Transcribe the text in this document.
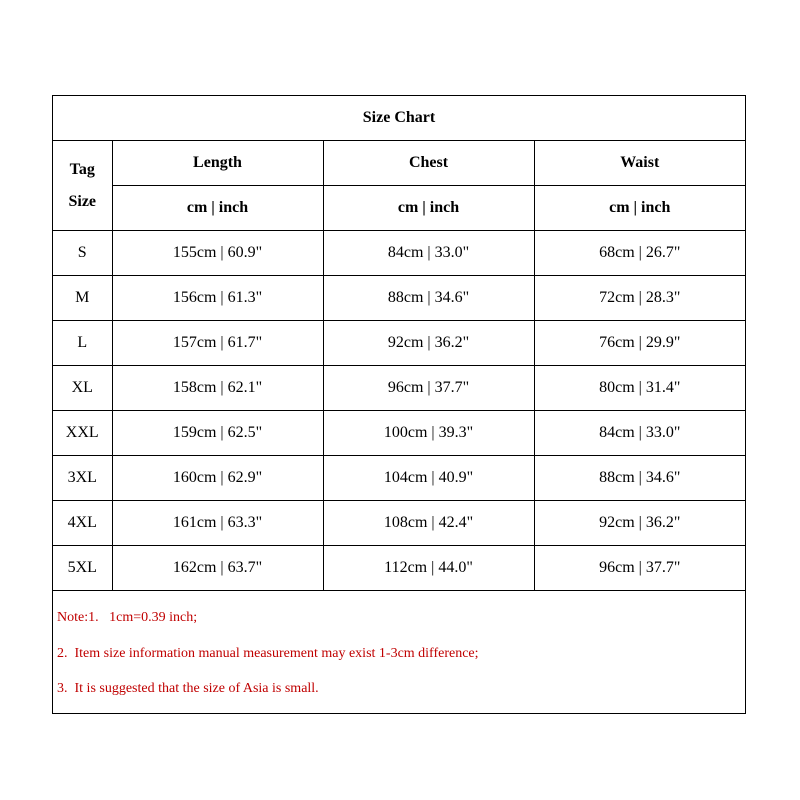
Size Chart			

Tag
Size	Length	Chest	Waist
	cm | inch	cm | inch	cm | inch
S	155cm | 60.9"	84cm | 33.0"	68cm | 26.7"
M	156cm | 61.3"	88cm | 34.6"	72cm | 28.3"
L	157cm | 61.7"	92cm | 36.2"	76cm | 29.9"
XL	158cm | 62.1"	96cm | 37.7"	80cm | 31.4"
XXL	159cm | 62.5"	100cm | 39.3"	84cm | 33.0"
3XL	160cm | 62.9"	104cm | 40.9"	88cm | 34.6"
4XL	161cm | 63.3"	108cm | 42.4"	92cm | 36.2"
5XL	162cm | 63.7"	112cm | 44.0"	96cm | 37.7"
Note:1.   1cm=0.39 inch;
2.  Item size information manual measurement may exist 1-3cm difference;
3.  It is suggested that the size of Asia is small.
